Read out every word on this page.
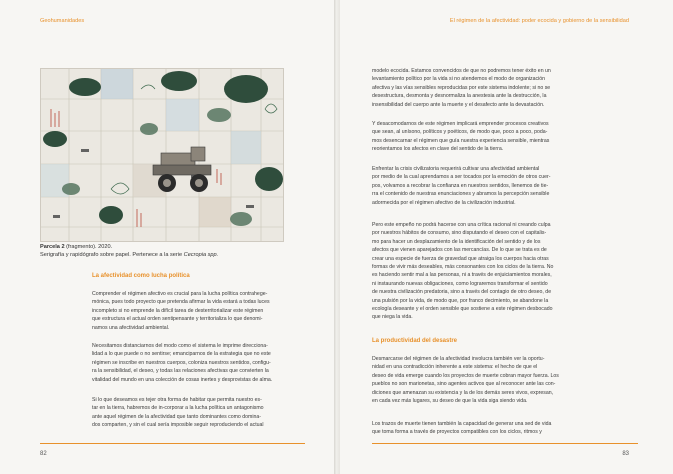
Geohumanidades
Parcela 2 (fragmento). 2020.
Serigrafía y rapidógrafo sobre papel. Pertenece a la serie Cecropia spp.
La afectividad como lucha política
Comprender el régimen afectivo es crucial para la lucha política contrahege-
mónica, pues todo proyecto que pretenda afirmar la vida estará a todas luces
incompleto si no emprende la difícil tarea de desterritorializar este régimen
que estructura el actual orden sentipensante y territorializa lo que denomi-
namos una afectividad ambiental.
Necesitamos distanciarnos del modo como el sistema le imprime direcciona-
lidad a lo que puede o no sentirse; emanciparnos de la estrategia que no este
régimen se inscribe en nuestros cuerpos, coloniza nuestros sentidos, configu-
ra la sensibilidad, el deseo, y todas las relaciones afectivas que convierten la
vitalidad del mundo en una colección de cosas inertes y desprovistas de alma.
Si lo que deseamos es tejer otra forma de habitar que permita nuestro es-
tar en la tierra, habremos de in-corporar a la lucha política un antagonismo
ante aquel régimen de la afectividad que tanto dominantes como domina-
dos comparten, y sin el cual sería imposible seguir reproduciendo el actual
82
El régimen de la afectividad: poder ecocida y gobierno de la sensibilidad
modelo ecocida. Estamos convencidos de que no podremos tener éxito en un
levantamiento político por la vida si no atendemos el modo de organización
afectiva y las vías sensibles reproducidas por este sistema indolente; si no se
desestructura, desmonta y desnormaliza la anestesia ante la destrucción, la
insensibilidad del cuerpo ante la muerte y el desafecto ante la devastación.
Y desacomodarnos de este régimen implicará emprender procesos creativos
que sean, al unísono, políticos y poéticos, de modo que, poco a poco, poda-
mos desencarnar el régimen que guía nuestra experiencia sensible, mientras
reorientamos los afectos en clave del sentido de la tierra.
Enfrentar la crisis civilizatoria requerirá cultivar una afectividad ambiental
por medio de la cual aprendamos a ser tocados por la emoción de otros cuer-
pos, volvamos a recobrar la confianza en nuestros sentidos, llenemos de tie-
rra el contenido de nuestras enunciaciones y abramos la percepción sensible
adormecida por el régimen afectivo de la civilización industrial.
Pero este empeño no podrá hacerse con una crítica racional ni creando culpa
por nuestros hábitos de consumo, sino disputando el deseo con el capitalis-
mo para hacer un desplazamiento de la identificación del sentido y de los
afectos que vienen aparejados con las mercancías. De lo que se trata es de
crear una especie de fuerza de gravedad que atraiga los cuerpos hacia otras
formas de vivir más deseables, más consonantes con los ciclos de la tierra. No
es haciendo sentir mal a las personas, ni a través de enjuiciamientos morales,
ni instaurando nuevas obligaciones, como lograremos transformar el sentido
de nuestra civilización predatoria, sino a través del contagio de otro deseo, de
una pulsión por la vida, de modo que, por franco decimiento, se abandone la
ecología deseante y el orden sensible que sostiene a este régimen desbocado
que niega la vida.
La productividad del desastre
Desmarcarse del régimen de la afectividad involucra también ver la oportu-
nidad en una contradicción inherente a este sistema: el hecho de que el
deseo de vida emerge cuando los proyectos de muerte cobran mayor fuerza. Los
pueblos no son marionetas, sino agentes activos que al reconocer ante las con-
diciones que amenazan su existencia y la de los demás seres vivos, expresan,
en cada vez más lugares, su deseo de que la vida siga siendo vida.
Los trazos de muerte tienen también la capacidad de generar una sed de vida
que toma forma a través de proyectos compatibles con los ciclos, ritmos y
83
